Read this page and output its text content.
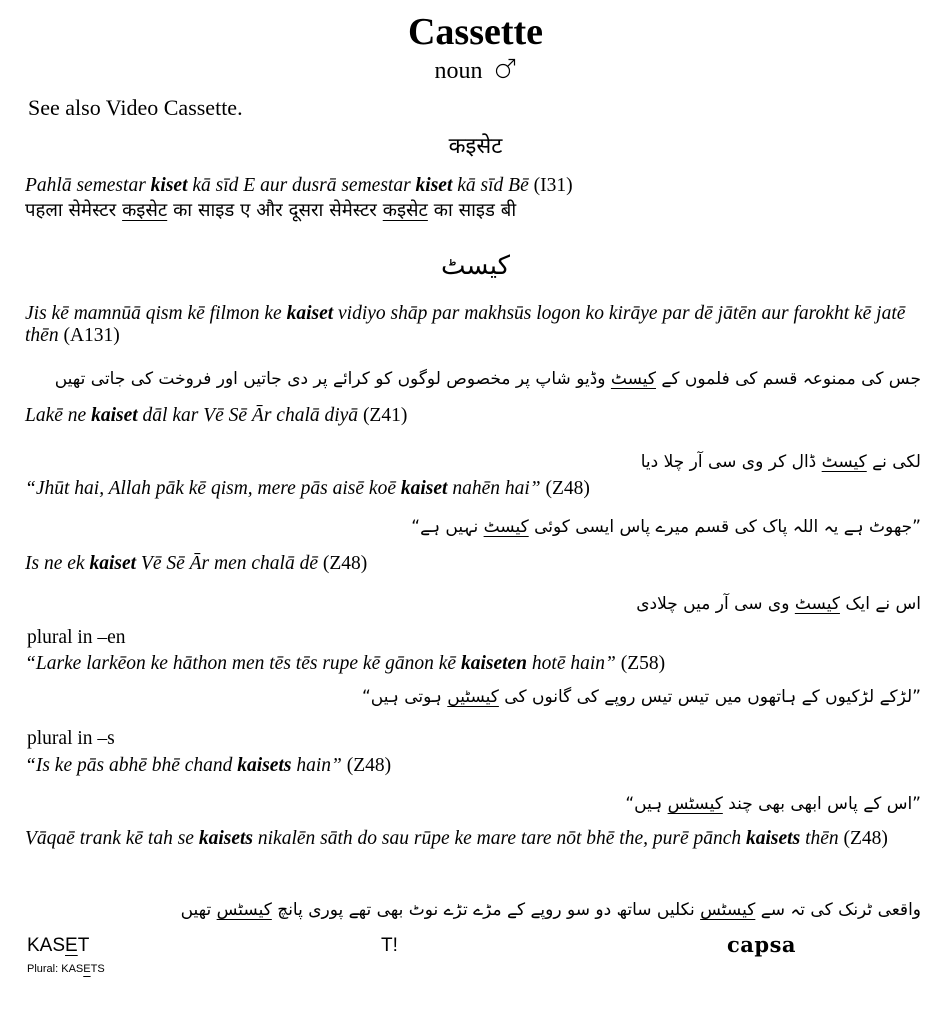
Cassette
noun
See also Video Cassette.
कइसेट
Pahlā semestar kiset kā sīd E aur dusrā semestar kiset kā sīd Bē (I31)
पहला सेमेस्टर कइसेट का साइड ए और दूसरा सेमेस्टर कइसेट का साइड बी
کیسٹ
Jis kē mamnūā qism kē filmon ke kaiset vidiyo shāp par makhsūs logon ko kirāye par dē jātēn aur farokht kē jatē thēn (A131)
جس کی ممنوعہ قسم کی فلموں کے کیسٹ وڈیو شاپ پر مخصوص لوگوں کو کرائے پر دی جاتیں اور فروخت کی جاتی تھیں
Lakē ne kaiset dāl kar Vē Sē Ār chalā diyā (Z41)
لکی نے کیسٹ ڈال کر وی سی آر چلا دیا
“Jhūt hai, Allah pāk kē qism, mere pās aisē koē kaiset nahēn hai” (Z48)
”جھوٹ ہے یہ اللہ پاک کی قسم میرے پاس ایسی کوئی کیسٹ نہیں ہے“
Is ne ek kaiset Vē Sē Ār men chalā dē (Z48)
اس نے ایک کیسٹ وی سی آر میں چلادی
plural in –en
“Larke larkēon ke hāthon men tēs tēs rupe kē gānon kē kaiseten hotē hain” (Z58)
”لڑکے لڑکیوں کے ہاتھوں میں تیس تیس روپے کی گانوں کی کیسٹیں ہوتی ہیں“
plural in –s
“Is ke pās abhē bhē chand kaisets hain” (Z48)
”اس کے پاس ابھی بھی چند کیسٹس ہیں“
Vāqaē trank kē tah se kaisets nikalēn sāth do sau rūpe ke mare tare nōt bhē the, purē pānch kaisets thēn (Z48)
واقعی ٹرنک کی تہ سے کیسٹس نکلیں ساتھ دو سو روپے کے مڑے تڑے نوٹ بھی تھے پوری پانچ کیسٹس تھیں
KASET
Plural: KASETS
T!	capsa
